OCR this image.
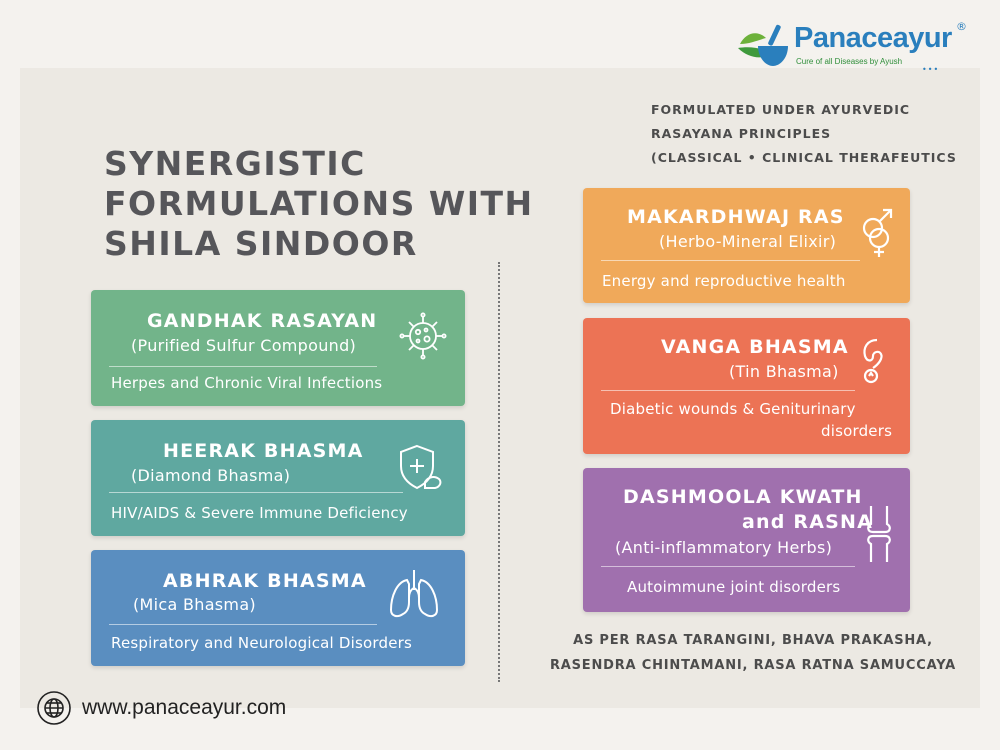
Panaceayur ®
Cure of all Diseases by Ayush
•••
SYNERGISTIC
FORMULATIONS WITH
SHILA SINDOOR
FORMULATED UNDER AYURVEDIC
RASAYANA PRINCIPLES
(CLASSICAL • CLINICAL THERAFEUTICS
GANDHAK RASAYAN
(Purified Sulfur Compound)
Herpes and Chronic Viral Infections
HEERAK BHASMA
(Diamond Bhasma)
HIV/AIDS & Severe Immune Deficiency
ABHRAK BHASMA
(Mica Bhasma)
Respiratory and Neurological Disorders
MAKARDHWAJ RAS
(Herbo-Mineral Elixir)
Energy and reproductive health
VANGA BHASMA
(Tin Bhasma)
Diabetic wounds & Geniturinary
disorders
DASHMOOLA KWATH
and RASNA
(Anti-inflammatory Herbs)
Autoimmune joint disorders
AS PER RASA TARANGINI, BHAVA PRAKASHA,
RASENDRA CHINTAMANI, RASA RATNA SAMUCCAYA
www.panaceayur.com
